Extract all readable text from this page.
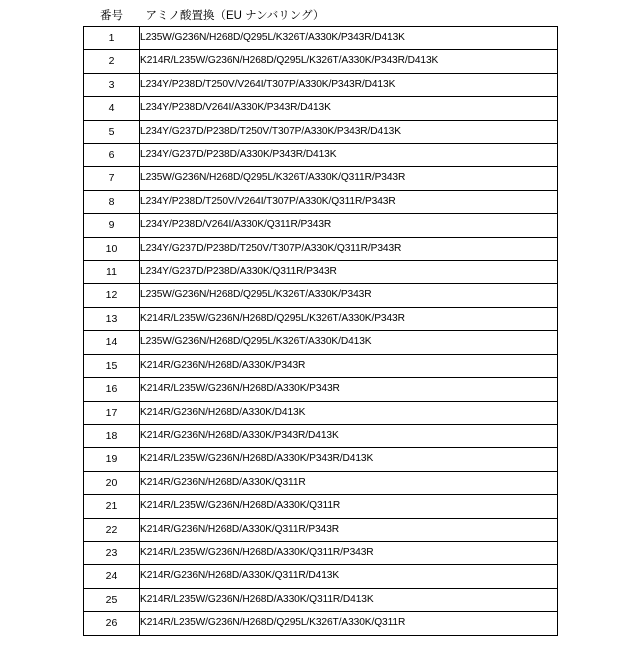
番号	アミノ酸置換（EU ナンバリング）
1	L235W/G236N/H268D/Q295L/K326T/A330K/P343R/D413K
2	K214R/L235W/G236N/H268D/Q295L/K326T/A330K/P343R/D413K
3	L234Y/P238D/T250V/V264I/T307P/A330K/P343R/D413K
4	L234Y/P238D/V264I/A330K/P343R/D413K
5	L234Y/G237D/P238D/T250V/T307P/A330K/P343R/D413K
6	L234Y/G237D/P238D/A330K/P343R/D413K
7	L235W/G236N/H268D/Q295L/K326T/A330K/Q311R/P343R
8	L234Y/P238D/T250V/V264I/T307P/A330K/Q311R/P343R
9	L234Y/P238D/V264I/A330K/Q311R/P343R
10	L234Y/G237D/P238D/T250V/T307P/A330K/Q311R/P343R
11	L234Y/G237D/P238D/A330K/Q311R/P343R
12	L235W/G236N/H268D/Q295L/K326T/A330K/P343R
13	K214R/L235W/G236N/H268D/Q295L/K326T/A330K/P343R
14	L235W/G236N/H268D/Q295L/K326T/A330K/D413K
15	K214R/G236N/H268D/A330K/P343R
16	K214R/L235W/G236N/H268D/A330K/P343R
17	K214R/G236N/H268D/A330K/D413K
18	K214R/G236N/H268D/A330K/P343R/D413K
19	K214R/L235W/G236N/H268D/A330K/P343R/D413K
20	K214R/G236N/H268D/A330K/Q311R
21	K214R/L235W/G236N/H268D/A330K/Q311R
22	K214R/G236N/H268D/A330K/Q311R/P343R
23	K214R/L235W/G236N/H268D/A330K/Q311R/P343R
24	K214R/G236N/H268D/A330K/Q311R/D413K
25	K214R/L235W/G236N/H268D/A330K/Q311R/D413K
26	K214R/L235W/G236N/H268D/Q295L/K326T/A330K/Q311R
